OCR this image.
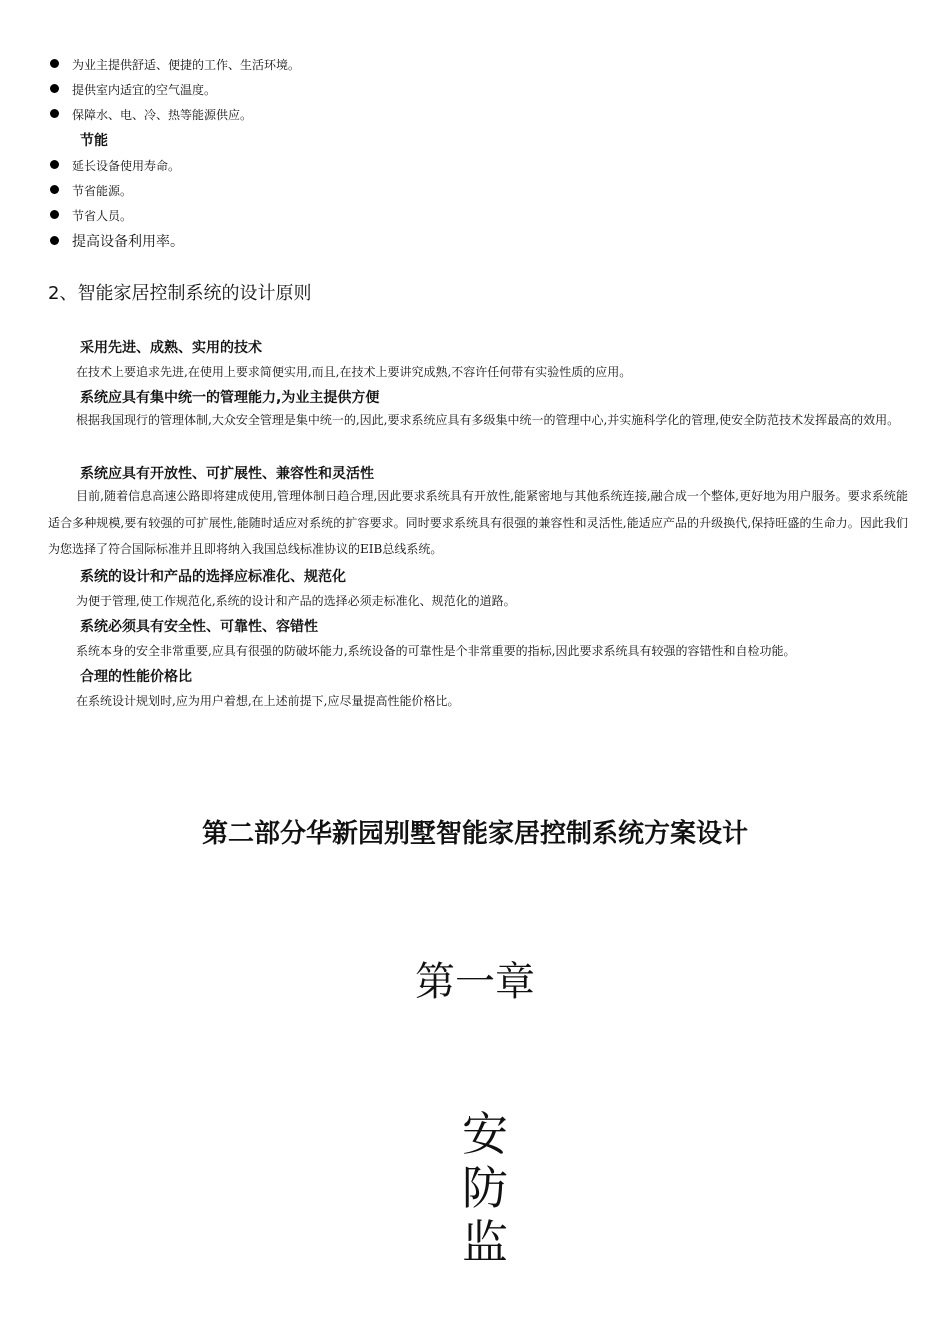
为业主提供舒适、便捷的工作、生活环境。
提供室内适宜的空气温度。
保障水、电、冷、热等能源供应。
节能
延长设备使用寿命。
节省能源。
节省人员。
提高设备利用率。
2、智能家居控制系统的设计原则
采用先进、成熟、实用的技术
在技术上要追求先进,在使用上要求简便实用,而且,在技术上要讲究成熟,不容许任何带有实验性质的应用。
系统应具有集中统一的管理能力,为业主提供方便
根据我国现行的管理体制,大众安全管理是集中统一的,因此,要求系统应具有多级集中统一的管理中心,并实施科学化的管理,使安全防范技术发挥最高的效用。
系统应具有开放性、可扩展性、兼容性和灵活性
目前,随着信息高速公路即将建成使用,管理体制日趋合理,因此要求系统具有开放性,能紧密地与其他系统连接,融合成一个整体,更好地为用户服务。要求系统能适合多种规模,要有较强的可扩展性,能随时适应对系统的扩容要求。同时要求系统具有很强的兼容性和灵活性,能适应产品的升级换代,保持旺盛的生命力。因此我们为您选择了符合国际标准并且即将纳入我国总线标准协议的EIB总线系统。
系统的设计和产品的选择应标准化、规范化
为便于管理,使工作规范化,系统的设计和产品的选择必须走标准化、规范化的道路。
系统必须具有安全性、可靠性、容错性
系统本身的安全非常重要,应具有很强的防破坏能力,系统设备的可靠性是个非常重要的指标,因此要求系统具有较强的容错性和自检功能。
合理的性能价格比
在系统设计规划时,应为用户着想,在上述前提下,应尽量提高性能价格比。
第二部分华新园别墅智能家居控制系统方案设计
第一章
安
防
监
